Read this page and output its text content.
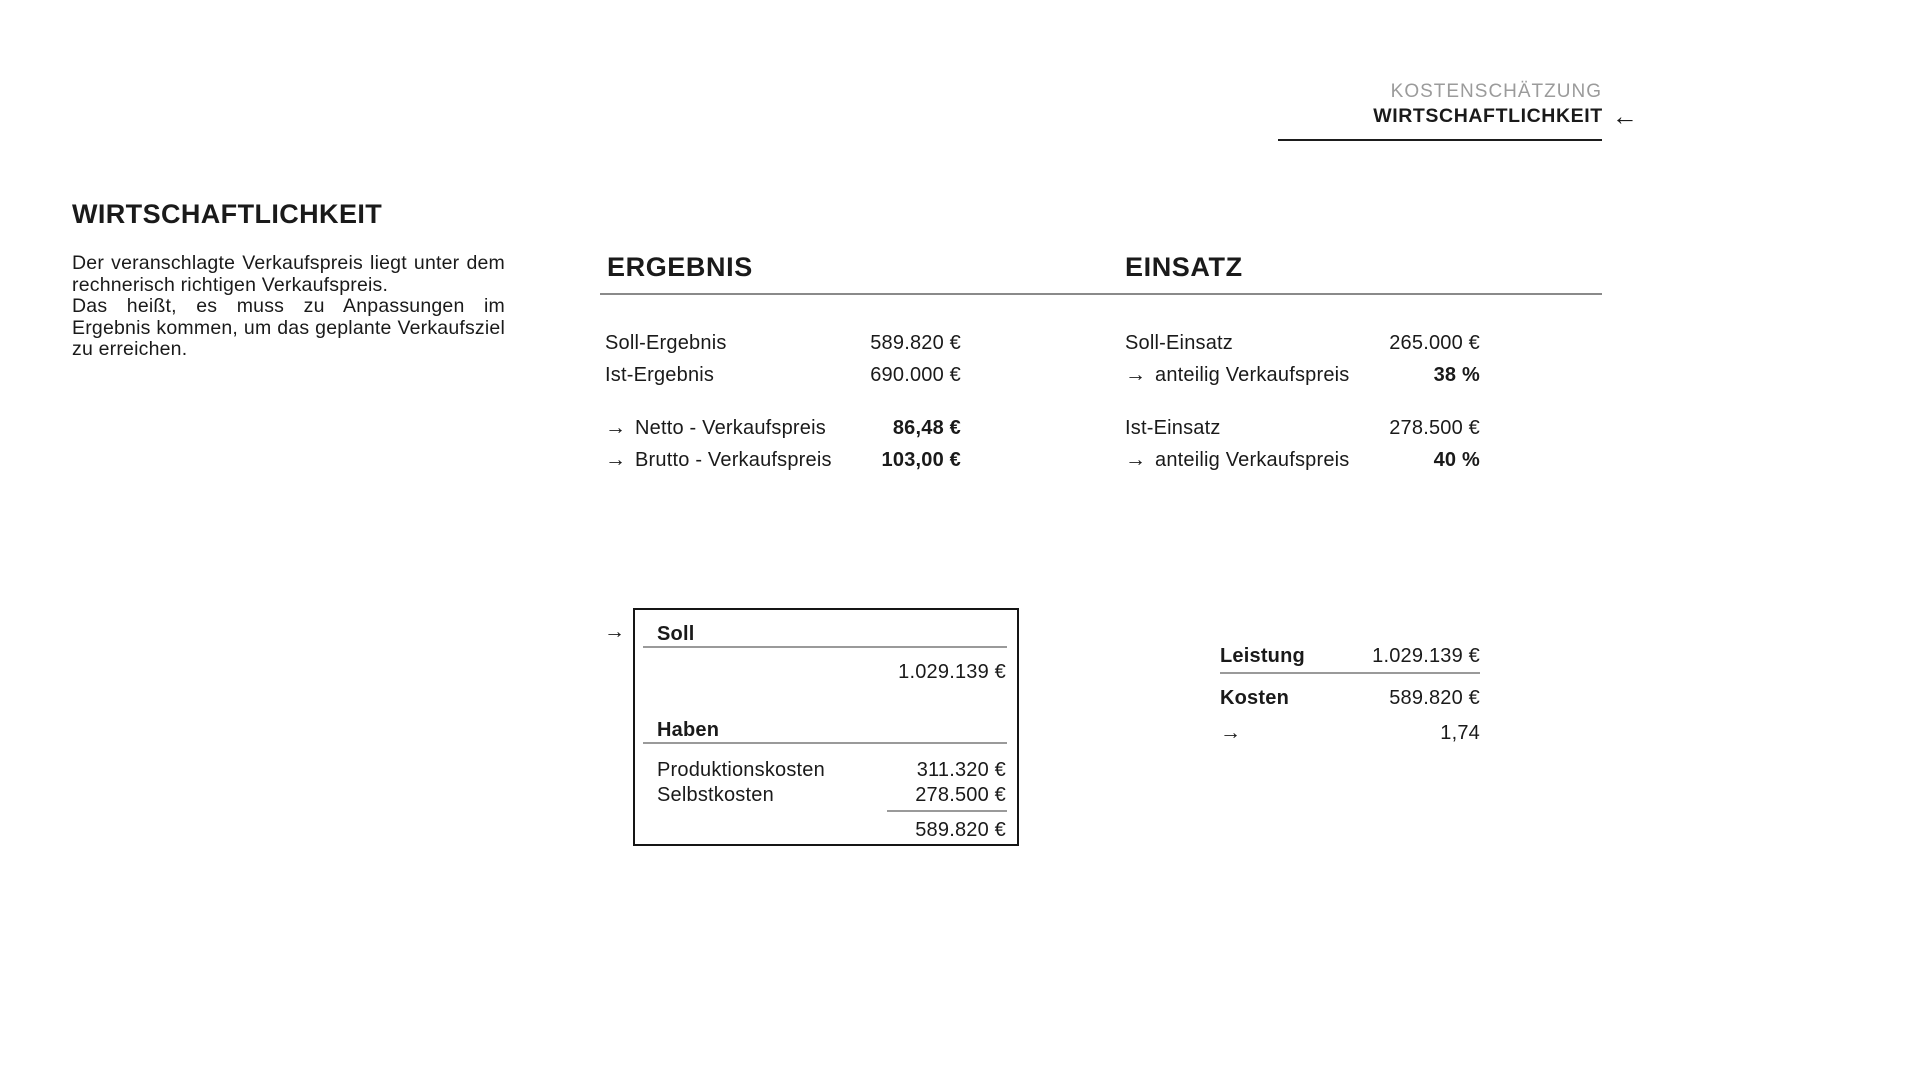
KOSTENSCHÄTZUNG
WIRTSCHAFTLICHKEIT ←
WIRTSCHAFTLICHKEIT

Der veranschlagte Verkaufspreis liegt unter dem rechnerisch richtigen Verkaufspreis.

Das heißt, es muss zu Anpassungen im Ergebnis kommen, um das geplante Verkaufsziel zu erreichen.

ERGEBNIS	EINSATZ
Soll-Ergebnis	589.820 €
Ist-Ergebnis	690.000 €
→ Netto - Verkaufspreis	86,48 €
→ Brutto - Verkaufspreis	103,00 €
Soll-Einsatz	265.000 €
→ anteilig Verkaufspreis	38 %
Ist-Einsatz	278.500 €
→ anteilig Verkaufspreis	40 %
→ Soll
1.029.139 €
Haben
Produktionskosten	311.320 €
Selbstkosten	278.500 €
589.820 €
Leistung	1.029.139 €
Kosten	589.820 €
→	1,74
